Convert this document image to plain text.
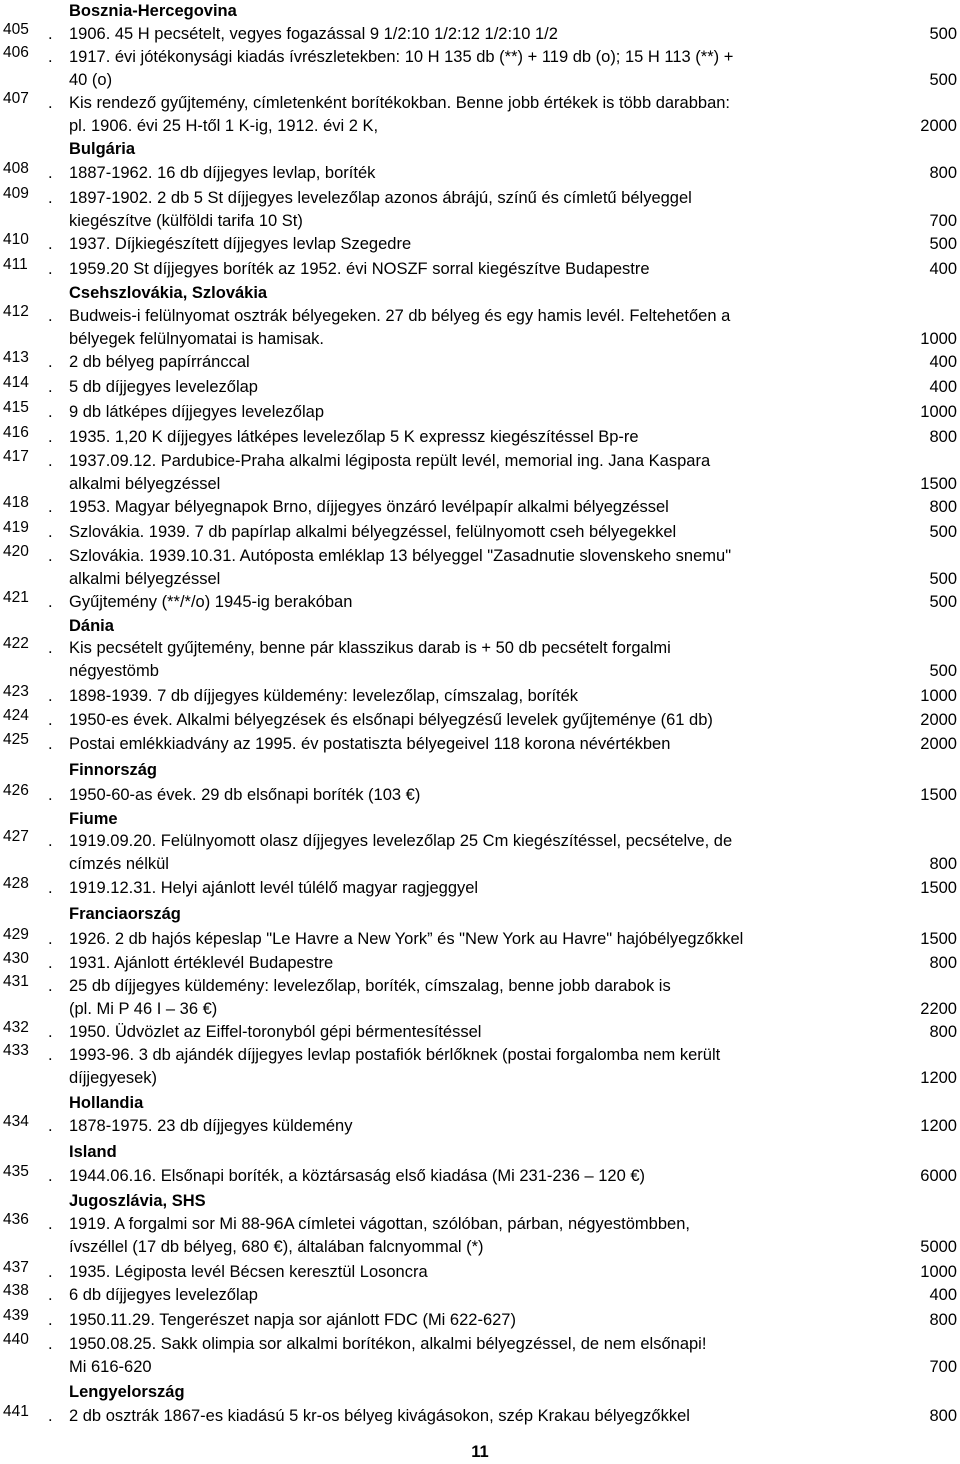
Bosznia-Hercegovina
405	. 1906. 45 H pecsételt, vegyes fogazással 9 1/2:10 1/2:12 1/2:10 1/2	500
406	. 1917. évi jótékonysági kiadás ívrészletekben: 10 H 135 db (**) + 119 db (o); 15 H 113 (**) +
40 (o)	500
407	. Kis rendező gyűjtemény, címletenként borítékokban. Benne jobb értékek is több darabban:
pl. 1906. évi 25 H-től 1 K-ig, 1912. évi 2 K,	2000
Bulgária
408	. 1887-1962. 16 db díjjegyes levlap, boríték	800
409	. 1897-1902. 2 db 5 St díjjegyes levelezőlap azonos ábrájú, színű és címletű bélyeggel
kiegészítve (külföldi tarifa 10 St)	700
410	. 1937. Díjkiegészített díjjegyes levlap Szegedre	500
411	. 1959.20 St díjjegyes boríték az 1952. évi NOSZF sorral kiegészítve Budapestre	400
Csehszlovákia, Szlovákia
412	. Budweis-i felülnyomat osztrák bélyegeken. 27 db bélyeg és egy hamis levél. Feltehetően a
bélyegek felülnyomatai is hamisak.	1000
413	. 2 db bélyeg papírránccal	400
414	. 5 db díjjegyes levelezőlap	400
415	. 9 db látképes díjjegyes levelezőlap	1000
416	. 1935. 1,20 K díjjegyes látképes levelezőlap 5 K expressz kiegészítéssel Bp-re	800
417	. 1937.09.12. Pardubice-Praha alkalmi légiposta repült levél, memorial ing. Jana Kaspara
alkalmi bélyegzéssel	1500
418	. 1953. Magyar bélyegnapok Brno, díjjegyes önzáró levélpapír alkalmi bélyegzéssel	800
419	. Szlovákia. 1939. 7 db papírlap alkalmi bélyegzéssel, felülnyomott cseh bélyegekkel	500
420	. Szlovákia. 1939.10.31. Autóposta emléklap 13 bélyeggel "Zasadnutie slovenskeho snemu"
alkalmi bélyegzéssel	500
421	. Gyűjtemény (**/*/o) 1945-ig berakóban	500
Dánia
422	. Kis pecsételt gyűjtemény, benne pár klasszikus darab is + 50 db pecsételt forgalmi
négyestömb	500
423	. 1898-1939. 7 db díjjegyes küldemény: levelezőlap, címszalag, boríték	1000
424	. 1950-es évek. Alkalmi bélyegzések és elsőnapi bélyegzésű levelek gyűjteménye (61 db)	2000
425	. Postai emlékkiadvány az 1995. év postatiszta bélyegeivel 118 korona névértékben	2000
Finnország
426	. 1950-60-as évek. 29 db elsőnapi boríték (103 €)	1500
Fiume
427	. 1919.09.20. Felülnyomott olasz díjjegyes levelezőlap 25 Cm kiegészítéssel, pecsételve, de
címzés nélkül	800
428	. 1919.12.31. Helyi ajánlott levél túlélő magyar ragjeggyel	1500
Franciaország
429	. 1926. 2 db hajós képeslap "Le Havre a New York” és "New York au Havre" hajóbélyegzőkkel	1500
430	. 1931. Ajánlott értéklevél Budapestre	800
431	. 25 db díjjegyes küldemény: levelezőlap, boríték, címszalag, benne jobb darabok is
(pl. Mi P 46 I – 36 €)	2200
432	. 1950. Üdvözlet az Eiffel-toronyból gépi bérmentesítéssel	800
433	. 1993-96. 3 db ajándék díjjegyes levlap postafiók bérlőknek (postai forgalomba nem került
díjjegyesek)	1200
Hollandia
434	. 1878-1975. 23 db díjjegyes küldemény	1200
Island
435	. 1944.06.16. Elsőnapi boríték, a köztársaság első kiadása (Mi 231-236 – 120 €)	6000
Jugoszlávia, SHS
436	. 1919. A forgalmi sor Mi 88-96A címletei vágottan, szólóban, párban, négyestömbben,
ívszéllel (17 db bélyeg, 680 €), általában falcnyommal (*)	5000
437	. 1935. Légiposta levél Bécsen keresztül Losoncra	1000
438	. 6 db díjjegyes levelezőlap	400
439	. 1950.11.29. Tengerészet napja sor ajánlott FDC (Mi 622-627)	800
440	. 1950.08.25. Sakk olimpia sor alkalmi borítékon, alkalmi bélyegzéssel, de nem elsőnapi!
Mi 616-620	700
Lengyelország
441	. 2 db osztrák 1867-es kiadású 5 kr-os bélyeg kivágásokon, szép Krakau bélyegzőkkel	800
11
